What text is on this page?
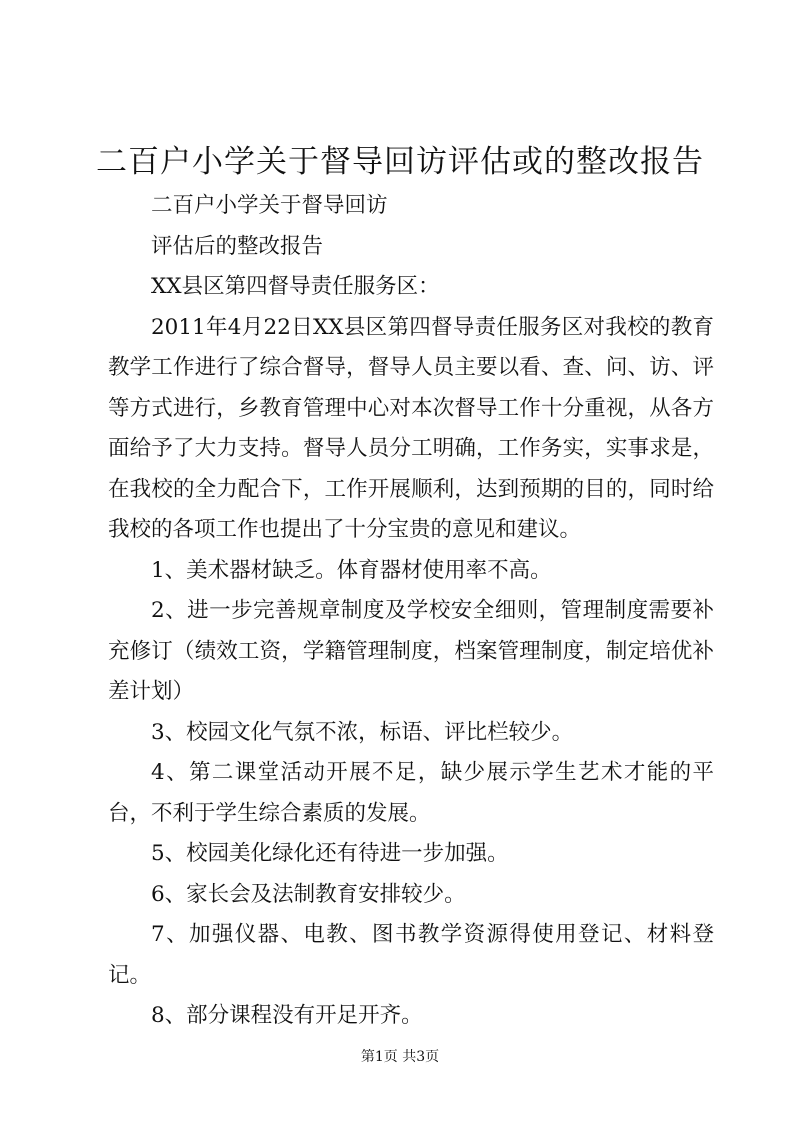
二百户小学关于督导回访评估或的整改报告

二百户小学关于督导回访

评估后的整改报告

XX县区第四督导责任服务区：

2011年4月22日XX县区第四督导责任服务区对我校的教育教学工作进行了综合督导，督导人员主要以看、查、问、访、评等方式进行，乡教育管理中心对本次督导工作十分重视，从各方面给予了大力支持。督导人员分工明确，工作务实，实事求是，在我校的全力配合下，工作开展顺利，达到预期的目的，同时给我校的各项工作也提出了十分宝贵的意见和建议。

1、美术器材缺乏。体育器材使用率不高。

2、进一步完善规章制度及学校安全细则，管理制度需要补充修订（绩效工资，学籍管理制度，档案管理制度，制定培优补差计划）

3、校园文化气氛不浓，标语、评比栏较少。

4、第二课堂活动开展不足，缺少展示学生艺术才能的平台，不利于学生综合素质的发展。

5、校园美化绿化还有待进一步加强。

6、家长会及法制教育安排较少。

7、加强仪器、电教、图书教学资源得使用登记、材料登记。

8、部分课程没有开足开齐。

第1页 共3页
